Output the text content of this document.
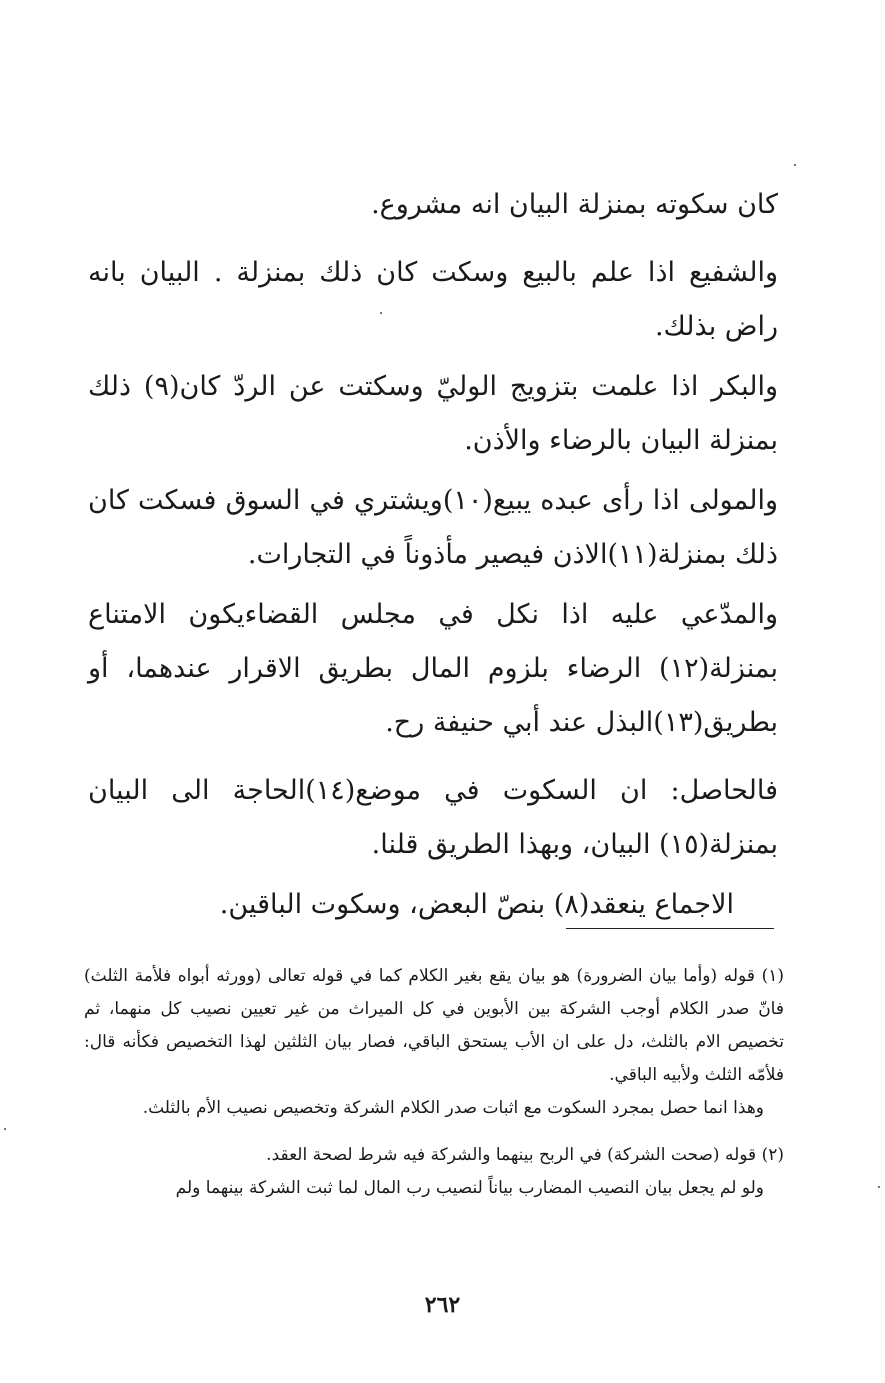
كان سكوته بمنزلة البيان انه مشروع.

والشفيع اذا علم بالبيع وسكت كان ذلك بمنزلة . البيان بانه راض بذلك.

والبكر اذا علمت بتزويج الوليّ وسكتت عن الردّ كان(٩) ذلك بمنزلة البيان بالرضاء والأذن.

والمولى اذا رأى عبده يبيع(١٠)ويشتري في السوق فسكت كان ذلك بمنزلة(١١)الاذن فيصير مأذوناً في التجارات.

والمدّعي عليه اذا نكل في مجلس القضاءيكون الامتناع بمنزلة(١٢) الرضاء بلزوم المال بطريق الاقرار عندهما، أو بطريق(١٣)البذل عند أبي حنيفة رح.

فالحاصل: ان السكوت في موضع(١٤)الحاجة الى البيان بمنزلة(١٥) البيان، وبهذا الطريق قلنا.

الاجماع ينعقد(٨) بنصّ البعض، وسكوت الباقين.

(١) قوله (وأما بيان الضرورة) هو بيان يقع بغير الكلام كما في قوله تعالى (وورثه أبواه فلأمة الثلث) فانّ صدر الكلام أوجب الشركة بين الأبوين في كل الميراث من غير تعيين نصيب كل منهما، ثم تخصيص الام بالثلث، دل على ان الأب يستحق الباقي، فصار بيان الثلثين لهذا التخصيص فكأنه قال: فلأمّه الثلث ولأبيه الباقي.

وهذا انما حصل بمجرد السكوت مع اثبات صدر الكلام الشركة وتخصيص نصيب الأم بالثلث.

(٢) قوله (صحت الشركة) في الربح بينهما والشركة فيه شرط لصحة العقد.

ولو لم يجعل بيان النصيب المضارب بياناً لنصيب رب المال لما ثبت الشركة بينهما ولم

٢٦٢
